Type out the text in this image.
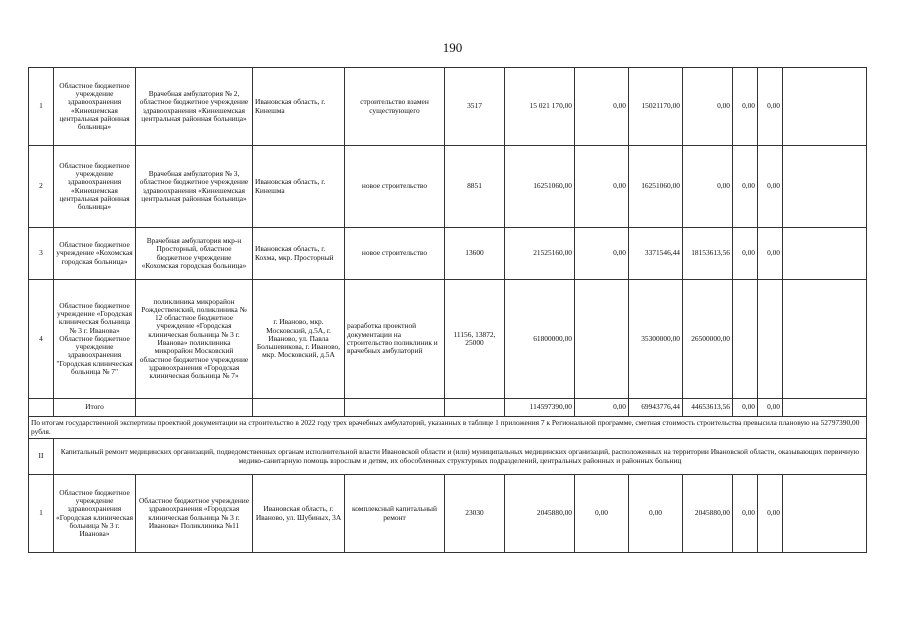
190
1	Областное бюджетное учреждение здравоохранения «Кинешемская центральная районная больница»	Врачебная амбулатория № 2, областное бюджетное учреждение здравоохранения «Кинешемская центральная районная больница»	Ивановская область, г. Кинешма	строительство взамен существующего	3517	15 021 170,00	0,00	15021170,00	0,00	0,00	0,00	
2	Областное бюджетное учреждение здравоохранения «Кинешемская центральная районная больница»	Врачебная амбулатория № 3, областное бюджетное учреждение здравоохранения «Кинешемская центральная районная больница»	Ивановская область, г. Кинешма	новое строительство	8851	16251060,00	0,00	16251060,00	0,00	0,00	0,00	
3	Областное бюджетное учреждение «Кохомская городская больница»	Врачебная амбулатория мкр-н Просторный, областное бюджетное учреждение «Кохомская городская больница»	Ивановская область, г. Кохма, мкр. Просторный	новое строительство	13600	21525160,00	0,00	3371546,44	18153613,56	0,00	0,00	
4	Областное бюджетное учреждение «Городская клиническая больница № 3 г. Иванова» Областное бюджетное учреждение здравоохранения "Городская клиническая больница № 7"	поликлиника микрорайон Рождественский, поликлиника № 12 областное бюджетное учреждение «Городская клиническая больница № 3 г. Иванова» поликлиника микрорайон Московский областное бюджетное учреждение здравоохранения «Городская клиническая больница № 7»	г. Иваново, мкр. Московский, д.5А, г. Иваново, ул. Павла Большевикова, г. Иваново, мкр. Московский, д.5А	разработка проектной документации на строительство поликлиник и врачебных амбулаторий	11156, 13872, 25000	61800000,00		35300000,00	26500000,00			
	Итого					114597390,00	0,00	69943776,44	44653613,56	0,00	0,00	
По итогам государственной экспертизы проектной документации на строительство в 2022 году трех врачебных амбулаторий, указанных в таблице 1 приложения 7 к Региональной программе, сметная стоимость строительства превысила плановую на 52797390,00 рубля.												
II	Капитальный ремонт медицинских организаций, подведомственных органам исполнительной власти Ивановской области и (или) муниципальных медицинских организаций, расположенных на территории Ивановской области, оказывающих первичную медико-санитарную помощь взрослым и детям, их обособленных структурных подразделений, центральных районных и районных больниц											
1	Областное бюджетное учреждение здравоохранения «Городская клиническая больница № 3 г. Иванова»	Областное бюджетное учреждение здравоохранения «Городская клиническая больница № 3 г. Иванова» Поликлиника №11	Ивановская область, г. Иваново, ул. Шубиных, 3А	комплексный капитальный ремонт	23030	2045880,00	0,00	0,00	2045880,00	0,00	0,00	
